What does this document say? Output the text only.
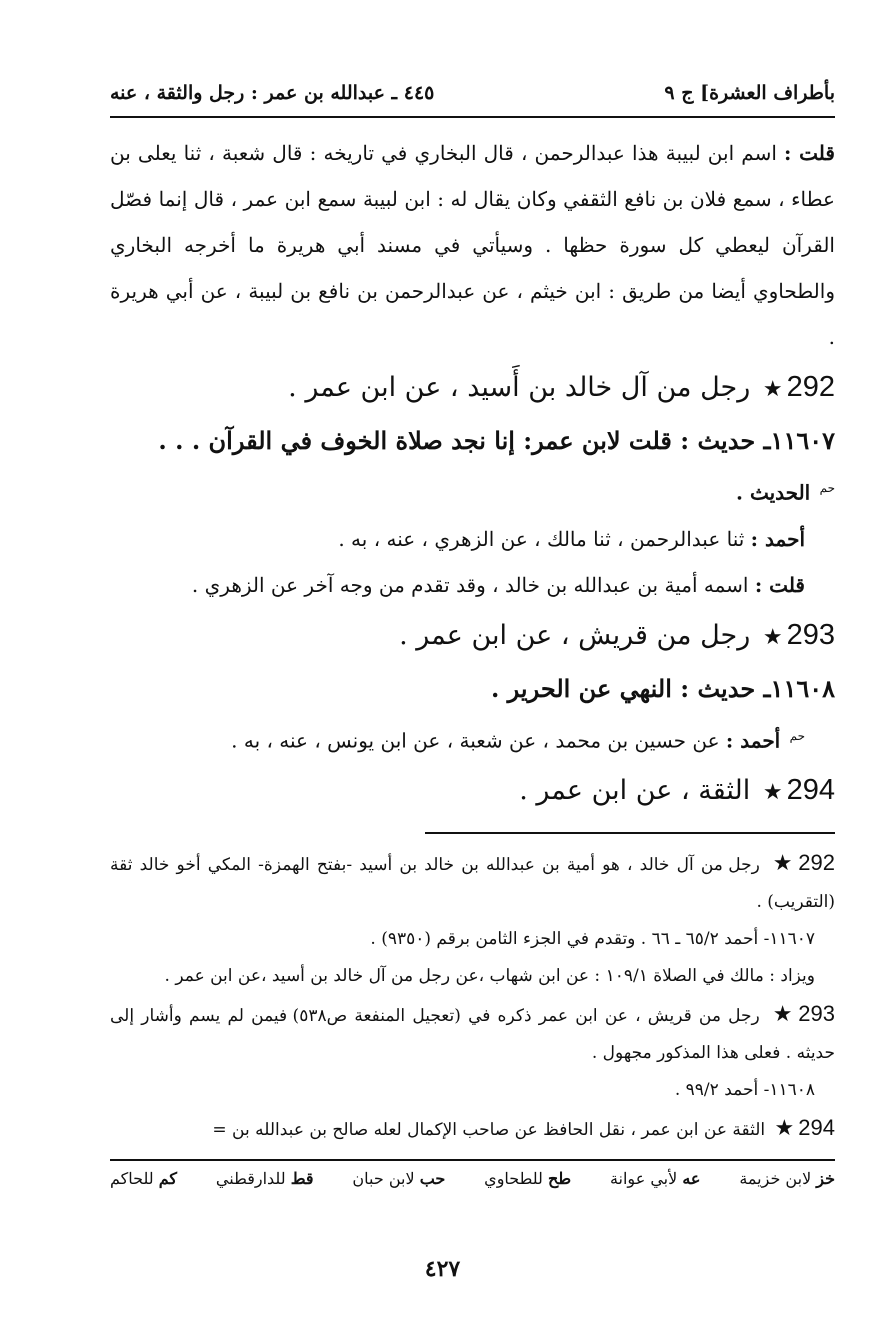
بأطراف العشرة] ج ٩
٤٤٥ ـ عبدالله بن عمر : رجل والثقة ، عنه

قلت : اسم ابن لبيبة هذا عبدالرحمن ، قال البخاري في تاريخه : قال شعبة ، ثنا يعلى بن عطاء ، سمع فلان بن نافع الثقفي وكان يقال له : ابن لبيبة سمع ابن عمر ، قال إنما فصّل القرآن ليعطي كل سورة حظها . وسيأتي في مسند أبي هريرة ما أخرجه البخاري والطحاوي أيضا من طريق : ابن خيثم ، عن عبدالرحمن بن نافع بن لبيبة ، عن أبي هريرة .

292★ رجل من آل خالد بن أَسيد ، عن ابن عمر .

١١٦٠٧ـ حديث : قلت لابن عمر: إنا نجد صلاة الخوف في القرآن . . .

$^{حم}$ الحديث .

أحمد : ثنا عبدالرحمن ، ثنا مالك ، عن الزهري ، عنه ، به .

قلت : اسمه أمية بن عبدالله بن خالد ، وقد تقدم من وجه آخر عن الزهري .

293★ رجل من قريش ، عن ابن عمر .

١١٦٠٨ـ حديث : النهي عن الحرير .

$^{حم}$ أحمد : عن حسين بن محمد ، عن شعبة ، عن ابن يونس ، عنه ، به .

294★ الثقة ، عن ابن عمر .

292★ رجل من آل خالد ، هو أمية بن عبدالله بن خالد بن أسيد -بفتح الهمزة- المكي أخو خالد ثقة (التقريب) .

١١٦٠٧- أحمد ٦٥/٢ ـ ٦٦ . وتقدم في الجزء الثامن برقم (٩٣٥٠) .

ويزاد : مالك في الصلاة ١٠٩/١ : عن ابن شهاب ،عن رجل من آل خالد بن أسيد ،عن ابن عمر .

293★ رجل من قريش ، عن ابن عمر ذكره في (تعجيل المنفعة ص٥٣٨) فيمن لم يسم وأشار إلى حديثه . فعلى هذا المذكور مجهول .

١١٦٠٨- أحمد ٩٩/٢ .

294★ الثقة عن ابن عمر ، نقل الحافظ عن صاحب الإكمال لعله صالح بن عبدالله بن =

خز لابن خزيمة
عه لأبي عوانة
طح للطحاوي
حب لابن حبان
قط للدارقطني
كم للحاكم
٤٢٧
